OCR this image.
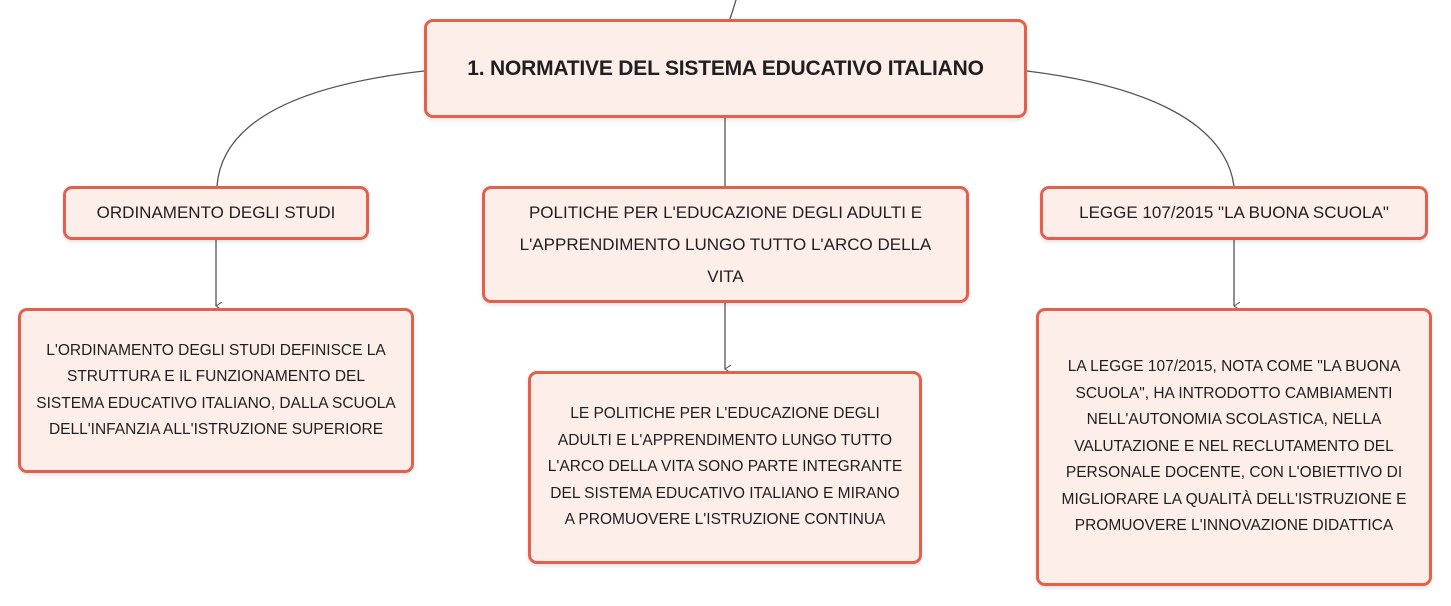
1. NORMATIVE DEL SISTEMA EDUCATIVO ITALIANO
ORDINAMENTO DEGLI STUDI	POLITICHE PER L'EDUCAZIONE DEGLI ADULTI E L'APPRENDIMENTO LUNGO TUTTO L'ARCO DELLA VITA
LEGGE 107/2015 "LA BUONA SCUOLA"
L'ORDINAMENTO DEGLI STUDI DEFINISCE LA STRUTTURA E IL FUNZIONAMENTO DEL SISTEMA EDUCATIVO ITALIANO, DALLA SCUOLA DELL'INFANZIA ALL'ISTRUZIONE SUPERIORE
LE POLITICHE PER L'EDUCAZIONE DEGLI ADULTI E L'APPRENDIMENTO LUNGO TUTTO L'ARCO DELLA VITA SONO PARTE INTEGRANTE DEL SISTEMA EDUCATIVO ITALIANO E MIRANO A PROMUOVERE L'ISTRUZIONE CONTINUA
LA LEGGE 107/2015, NOTA COME "LA BUONA SCUOLA", HA INTRODOTTO CAMBIAMENTI NELL'AUTONOMIA SCOLASTICA, NELLA VALUTAZIONE E NEL RECLUTAMENTO DEL PERSONALE DOCENTE, CON L'OBIETTIVO DI MIGLIORARE LA QUALITÀ DELL'ISTRUZIONE E PROMUOVERE L'INNOVAZIONE DIDATTICA
